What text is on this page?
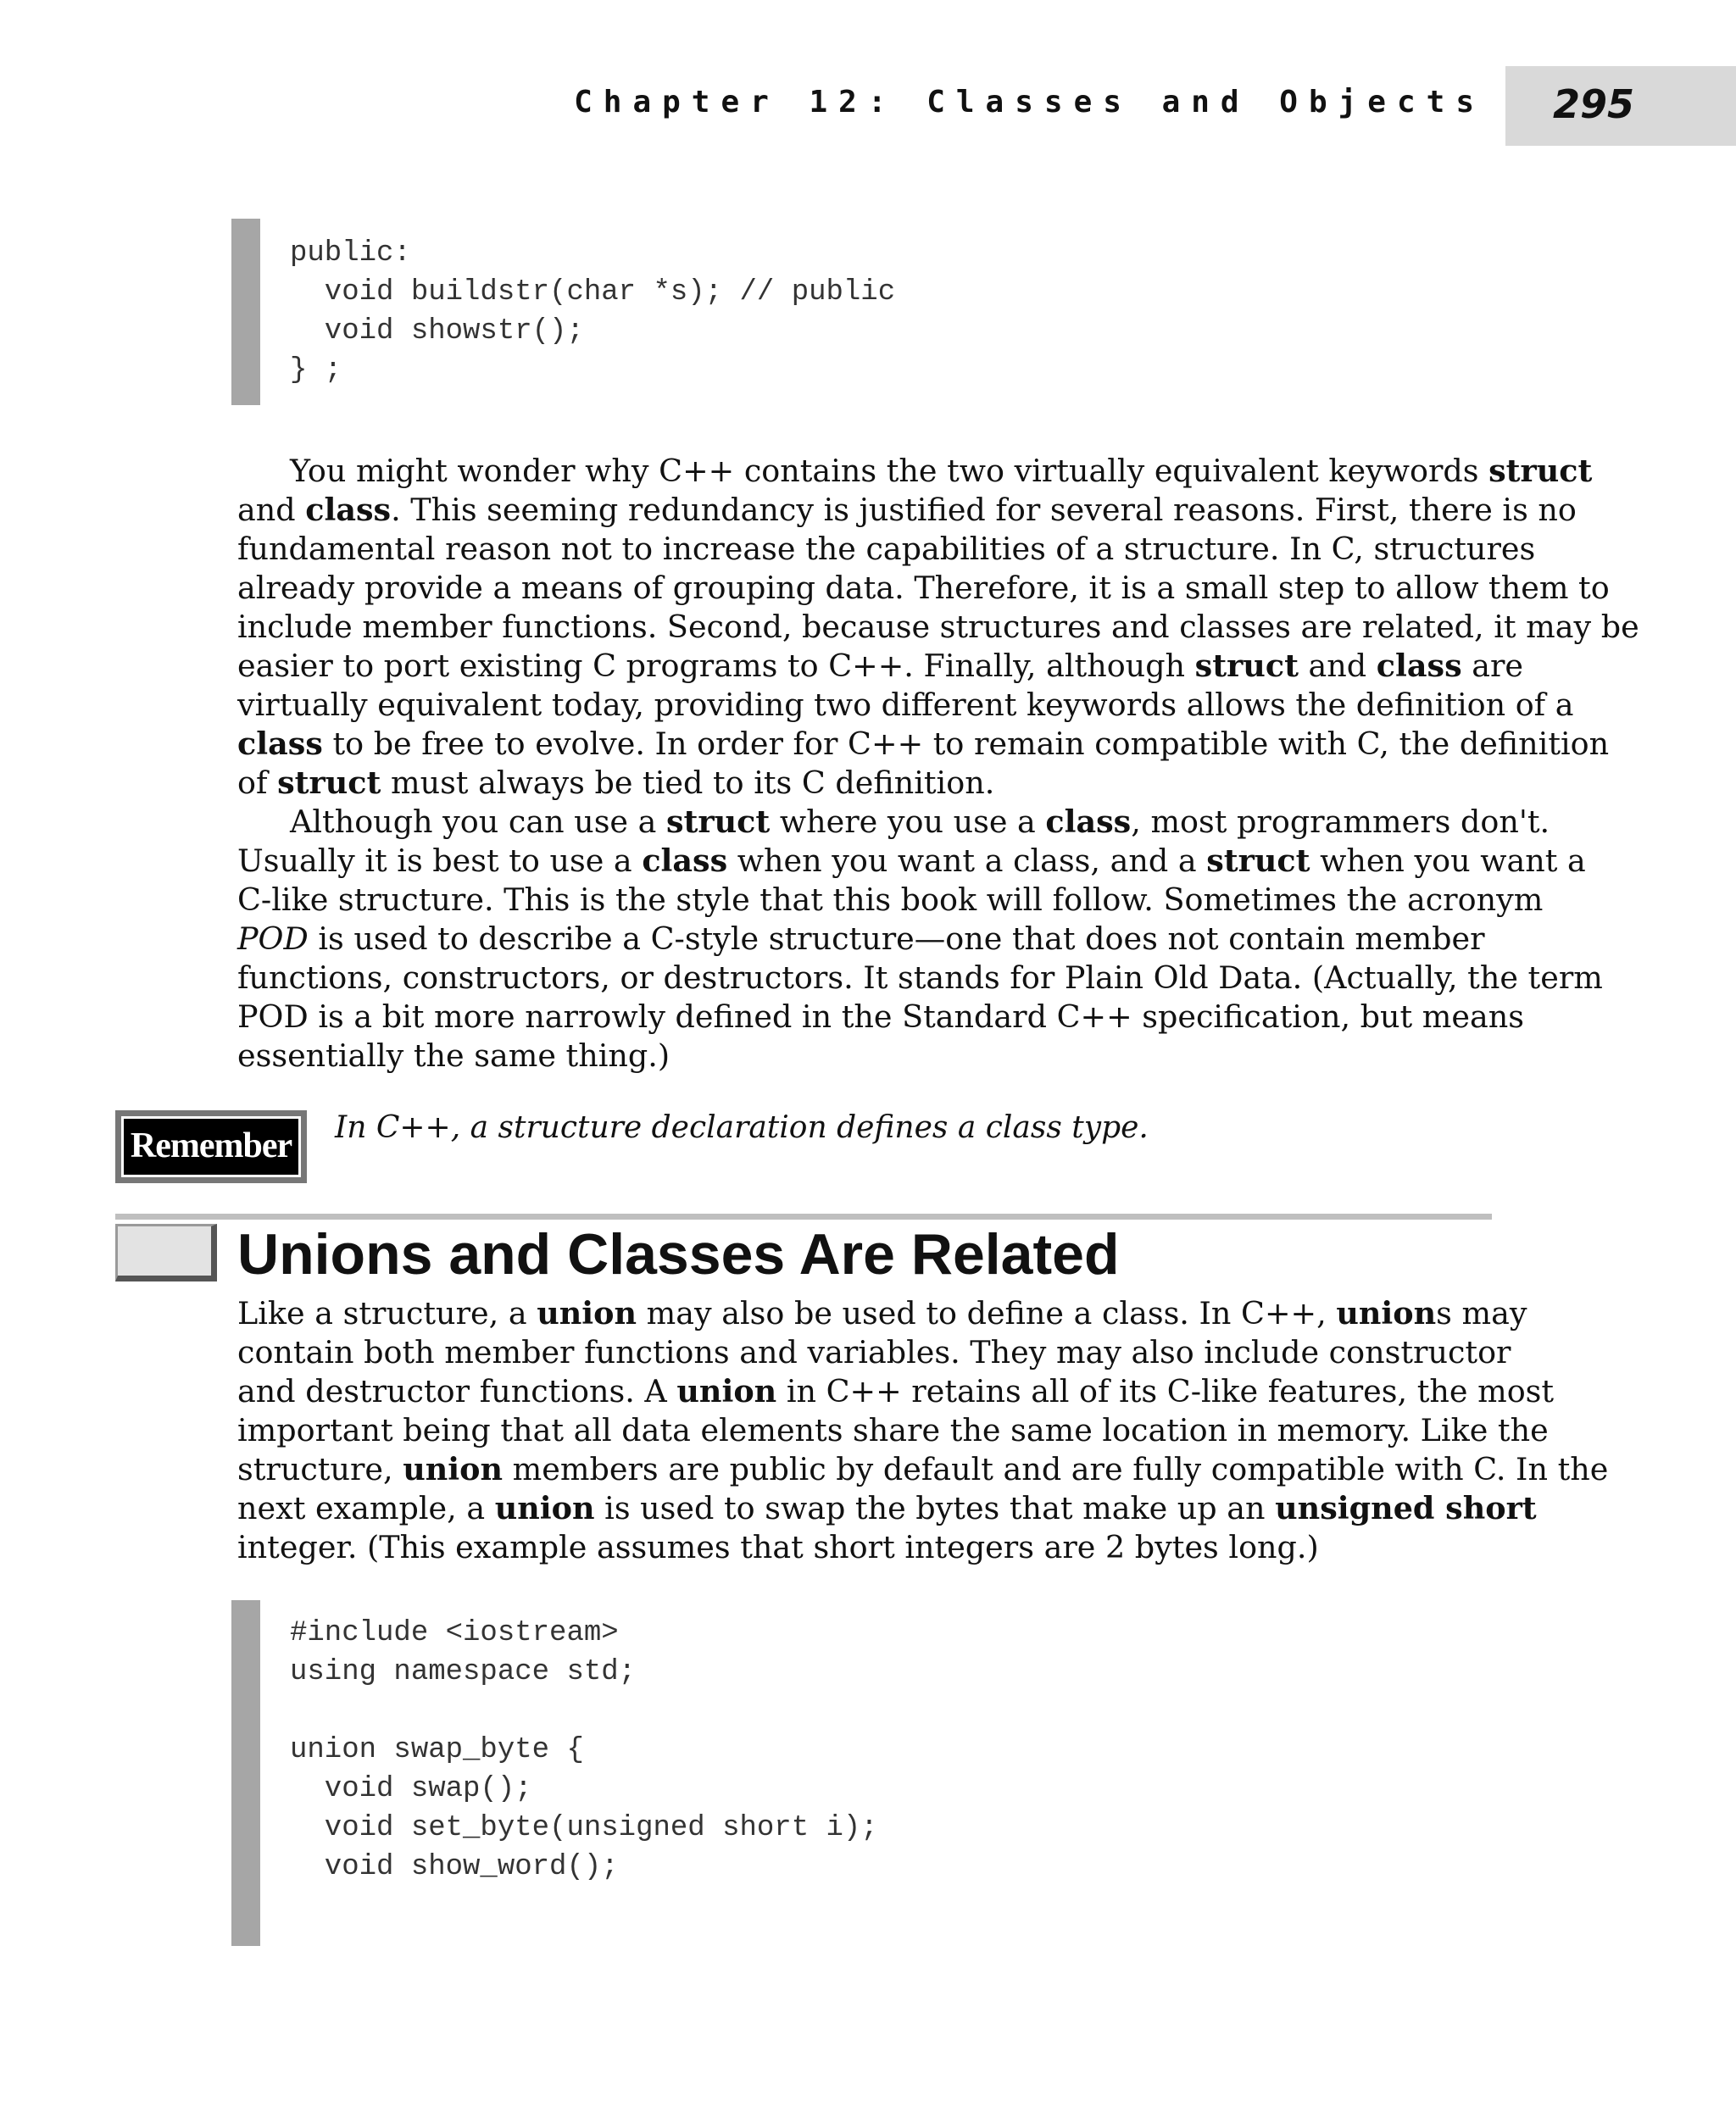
Chapter 12: Classes and Objects 295
public:
void buildstr(char *s); // public
void showstr();
} ;

You might wonder why C++ contains the two virtually equivalent keywords struct

and class. This seeming redundancy is justified for several reasons. First, there is no

fundamental reason not to increase the capabilities of a structure. In C, structures

already provide a means of grouping data. Therefore, it is a small step to allow them to

include member functions. Second, because structures and classes are related, it may be

easier to port existing C programs to C++. Finally, although struct and class are

virtually equivalent today, providing two different keywords allows the definition of a

class to be free to evolve. In order for C++ to remain compatible with C, the definition

of struct must always be tied to its C definition.

Although you can use a struct where you use a class, most programmers don't.

Usually it is best to use a class when you want a class, and a struct when you want a

C-like structure. This is the style that this book will follow. Sometimes the acronym

POD is used to describe a C-style structure—one that does not contain member

functions, constructors, or destructors. It stands for Plain Old Data. (Actually, the term

POD is a bit more narrowly defined in the Standard C++ specification, but means

essentially the same thing.)

Remember	In C++, a structure declaration defines a class type.

Unions and Classes Are Related

Like a structure, a union may also be used to define a class. In C++, unions may

contain both member functions and variables. They may also include constructor

and destructor functions. A union in C++ retains all of its C-like features, the most

important being that all data elements share the same location in memory. Like the

structure, union members are public by default and are fully compatible with C. In the

next example, a union is used to swap the bytes that make up an unsigned short

integer. (This example assumes that short integers are 2 bytes long.)

#include <iostream>
using namespace std;

union swap_byte {
void swap();
void set_byte(unsigned short i);
void show_word();
